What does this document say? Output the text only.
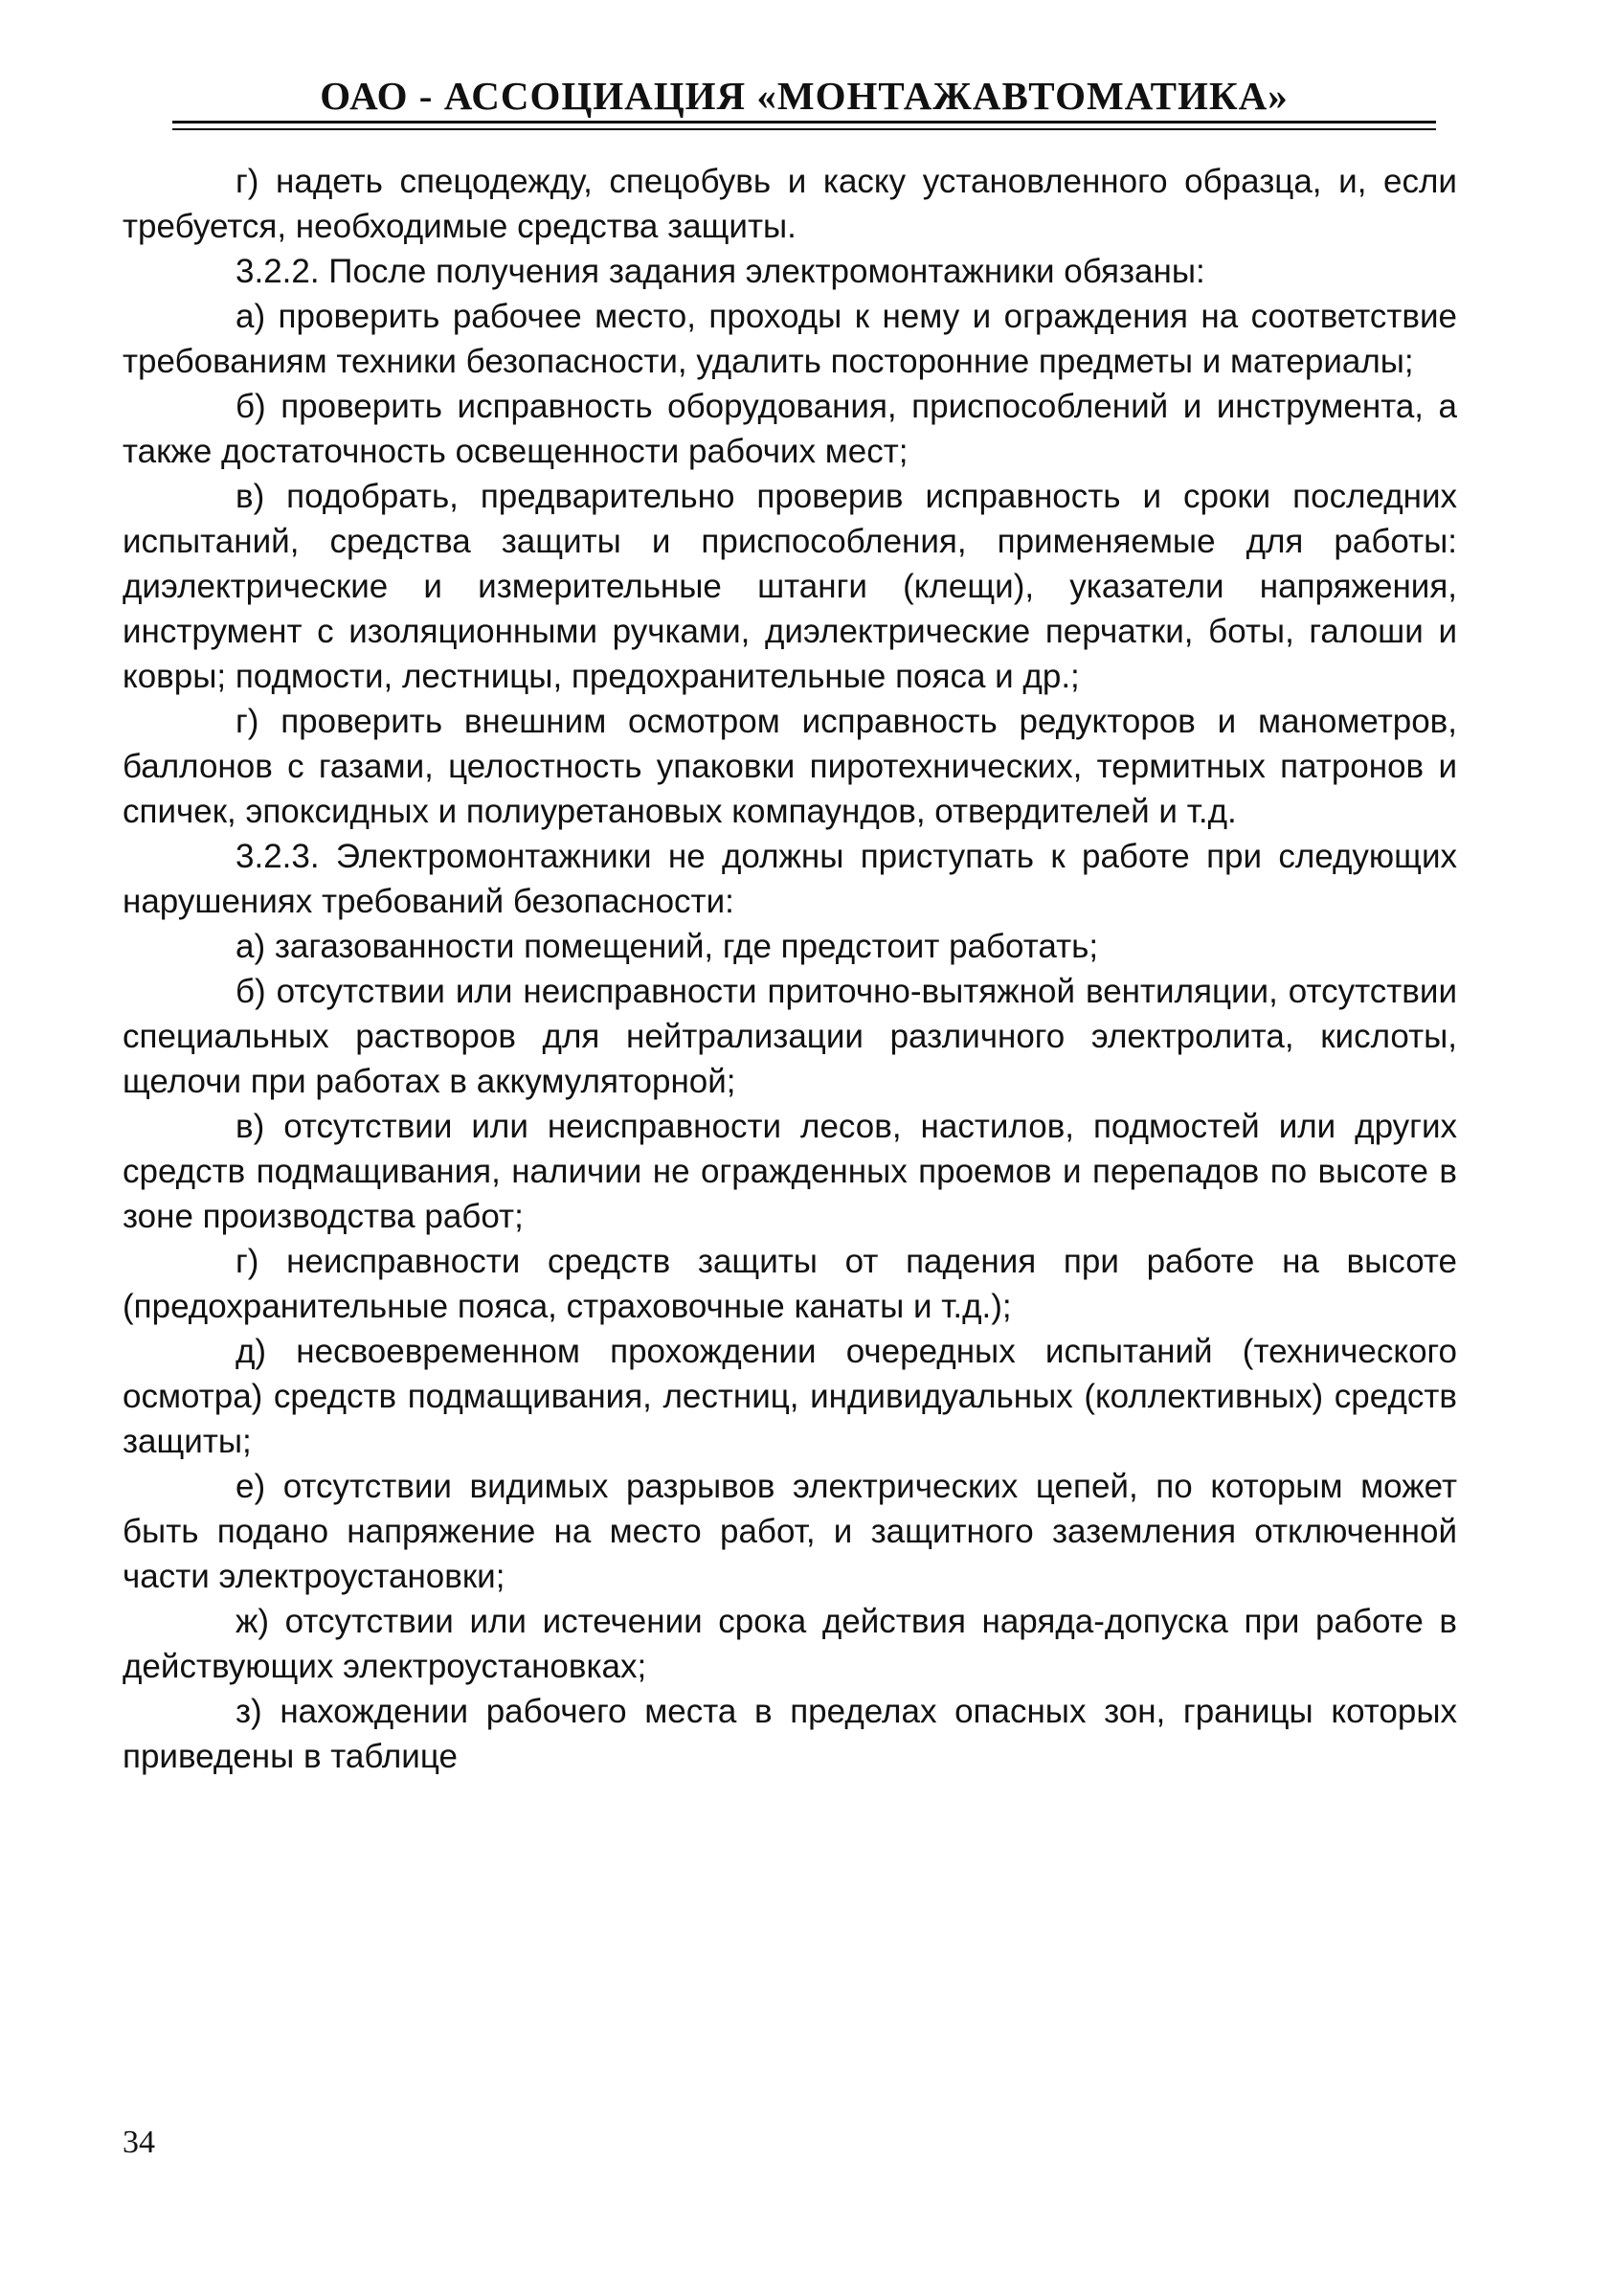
ОАО - АССОЦИАЦИЯ «МОНТАЖАВТОМАТИКА»

г) надеть спецодежду, спецобувь и каску установленного образца, и, если требуется, необходимые средства защиты.

3.2.2. После получения задания электромонтажники обязаны:

а) проверить рабочее место, проходы к нему и ограждения на соответствие требованиям техники безопасности, удалить посторонние предметы и материалы;

б) проверить исправность оборудования, приспособлений и инструмента, а также достаточность освещенности рабочих мест;

в) подобрать, предварительно проверив исправность и сроки последних испытаний, средства защиты и приспособления, применяемые для работы: диэлектрические и измерительные штанги (клещи), указатели напряжения, инструмент с изоляционными ручками, диэлектрические перчатки, боты, галоши и ковры; подмости, лестницы, предохранительные пояса и др.;

г) проверить внешним осмотром исправность редукторов и манометров, баллонов с газами, целостность упаковки пиротехнических, термитных патронов и спичек, эпоксидных и полиуретановых компаундов, отвердителей и т.д.

3.2.3. Электромонтажники не должны приступать к работе при следующих нарушениях требований безопасности:

а) загазованности помещений, где предстоит работать;

б) отсутствии или неисправности приточно-вытяжной вентиляции, отсутствии специальных растворов для нейтрализации различного электролита, кислоты, щелочи при работах в аккумуляторной;

в) отсутствии или неисправности лесов, настилов, подмостей или других средств подмащивания, наличии не огражденных проемов и перепадов по высоте в зоне производства работ;

г) неисправности средств защиты от падения при работе на высоте (предохранительные пояса, страховочные канаты и т.д.);

д) несвоевременном прохождении очередных испытаний (технического осмотра) средств подмащивания, лестниц, индивидуальных (коллективных) средств защиты;

е) отсутствии видимых разрывов электрических цепей, по которым может быть подано напряжение на место работ, и защитного заземления отключенной части электроустановки;

ж) отсутствии или истечении срока действия наряда-допуска при работе в действующих электроустановках;

з) нахождении рабочего места в пределах опасных зон, границы которых приведены в таблице

34
